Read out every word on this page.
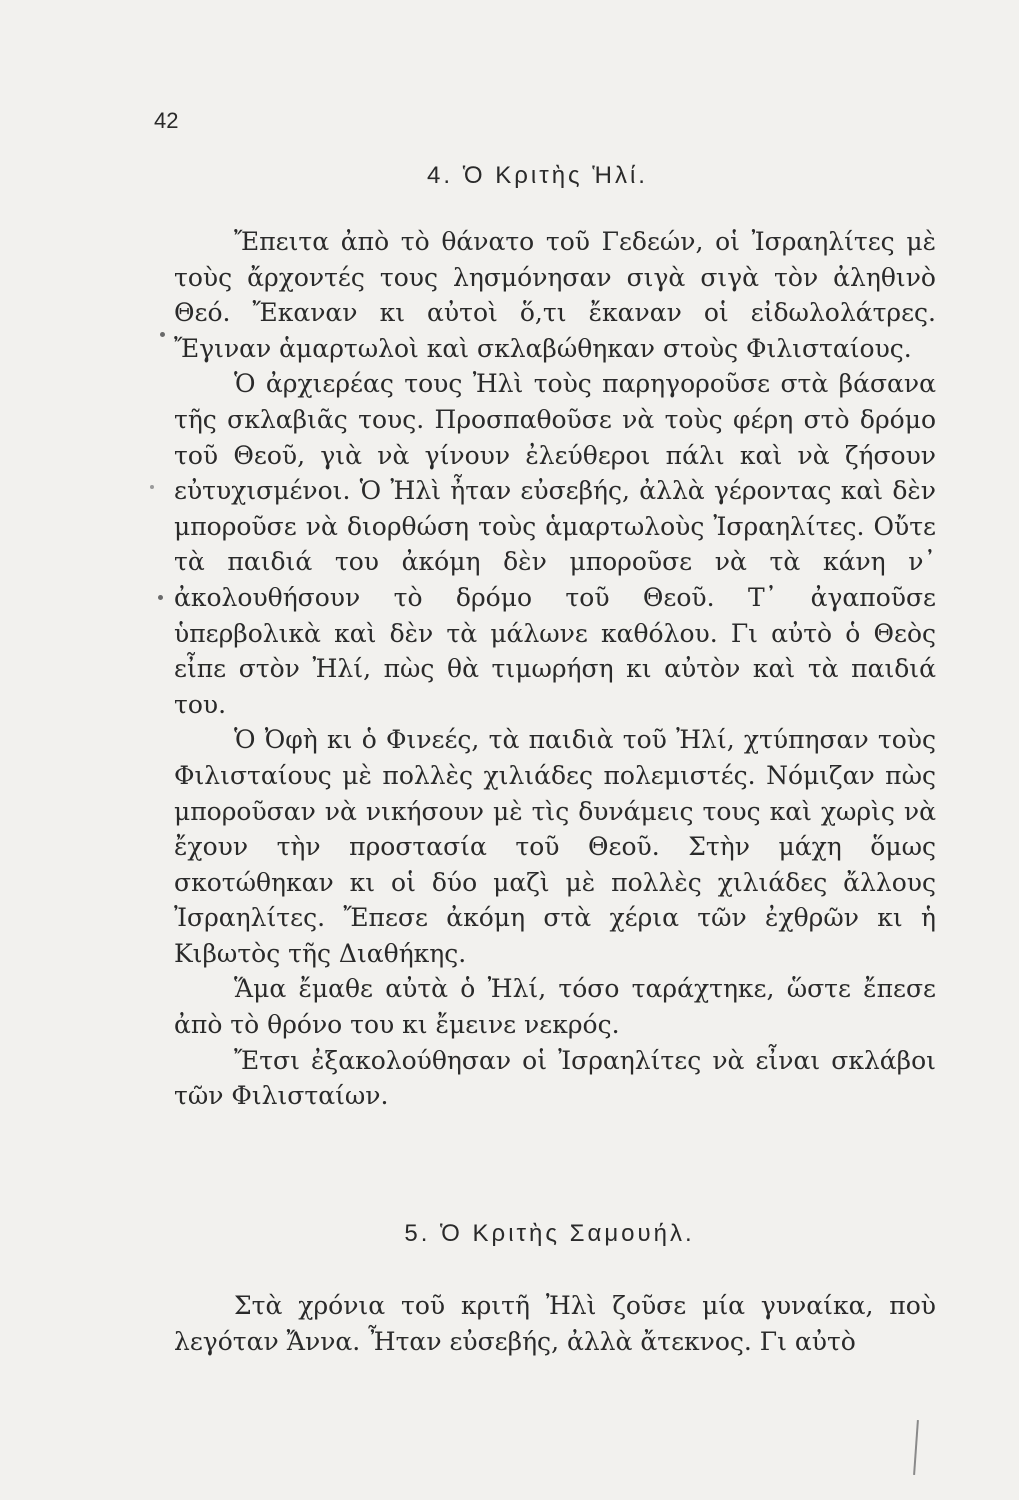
42
4. Ὁ Κριτὴς Ἡλί.

Ἔπειτα ἀπὸ τὸ θάνατο τοῦ Γεδεών, οἱ Ἰσραηλίτες μὲ τοὺς ἄρχοντές τους λησμόνησαν σιγὰ σιγὰ τὸν ἀληθινὸ Θεό. Ἔκαναν κι αὐτοὶ ὅ,τι ἔκαναν οἱ εἰδωλολάτρες. Ἔγιναν ἁμαρτωλοὶ καὶ σκλαβώθηκαν στοὺς Φιλισταίους.

Ὁ ἀρχιερέας τους Ἠλὶ τοὺς παρηγοροῦσε στὰ βάσανα τῆς σκλαβιᾶς τους. Προσπαθοῦσε νὰ τοὺς φέρη στὸ δρόμο τοῦ Θεοῦ, γιὰ νὰ γίνουν ἐλεύθεροι πάλι καὶ νὰ ζήσουν εὐτυχισμένοι. Ὁ Ἠλὶ ἦταν εὐσεβής, ἀλλὰ γέροντας καὶ δὲν μποροῦσε νὰ διορθώση τοὺς ἁμαρτωλοὺς Ἰσραηλίτες. Οὔτε τὰ παιδιά του ἀκόμη δὲν μποροῦσε νὰ τὰ κάνη ν᾽ ἀκολουθήσουν τὸ δρόμο τοῦ Θεοῦ. Τ᾽ ἀγαποῦσε ὑπερβολικὰ καὶ δὲν τὰ μάλωνε καθόλου. Γι αὐτὸ ὁ Θεὸς εἶπε στὸν Ἠλί, πὼς θὰ τιμωρήση κι αὐτὸν καὶ τὰ παιδιά του.

Ὁ Ὀφὴ κι ὁ Φινεές, τὰ παιδιὰ τοῦ Ἠλί, χτύπησαν τοὺς Φιλισταίους μὲ πολλὲς χιλιάδες πολεμιστές. Νόμιζαν πὼς μποροῦσαν νὰ νικήσουν μὲ τὶς δυνάμεις τους καὶ χωρὶς νὰ ἔχουν τὴν προστασία τοῦ Θεοῦ. Στὴν μάχη ὅμως σκοτώθηκαν κι οἱ δύο μαζὶ μὲ πολλὲς χιλιάδες ἄλλους Ἰσραηλίτες. Ἔπεσε ἀκόμη στὰ χέρια τῶν ἐχθρῶν κι ἡ Κιβωτὸς τῆς Διαθήκης.

Ἅμα ἔμαθε αὐτὰ ὁ Ἠλί, τόσο ταράχτηκε, ὥστε ἔπεσε ἀπὸ τὸ θρόνο του κι ἔμεινε νεκρός.

Ἔτσι ἐξακολούθησαν οἱ Ἰσραηλίτες νὰ εἶναι σκλάβοι τῶν Φιλισταίων.

5. Ὁ Κριτὴς Σαμουήλ.

Στὰ χρόνια τοῦ κριτῆ Ἠλὶ ζοῦσε μία γυναίκα, ποὺ λεγόταν Ἄννα. Ἦταν εὐσεβής, ἀλλὰ ἄτεκνος. Γι αὐτὸ
